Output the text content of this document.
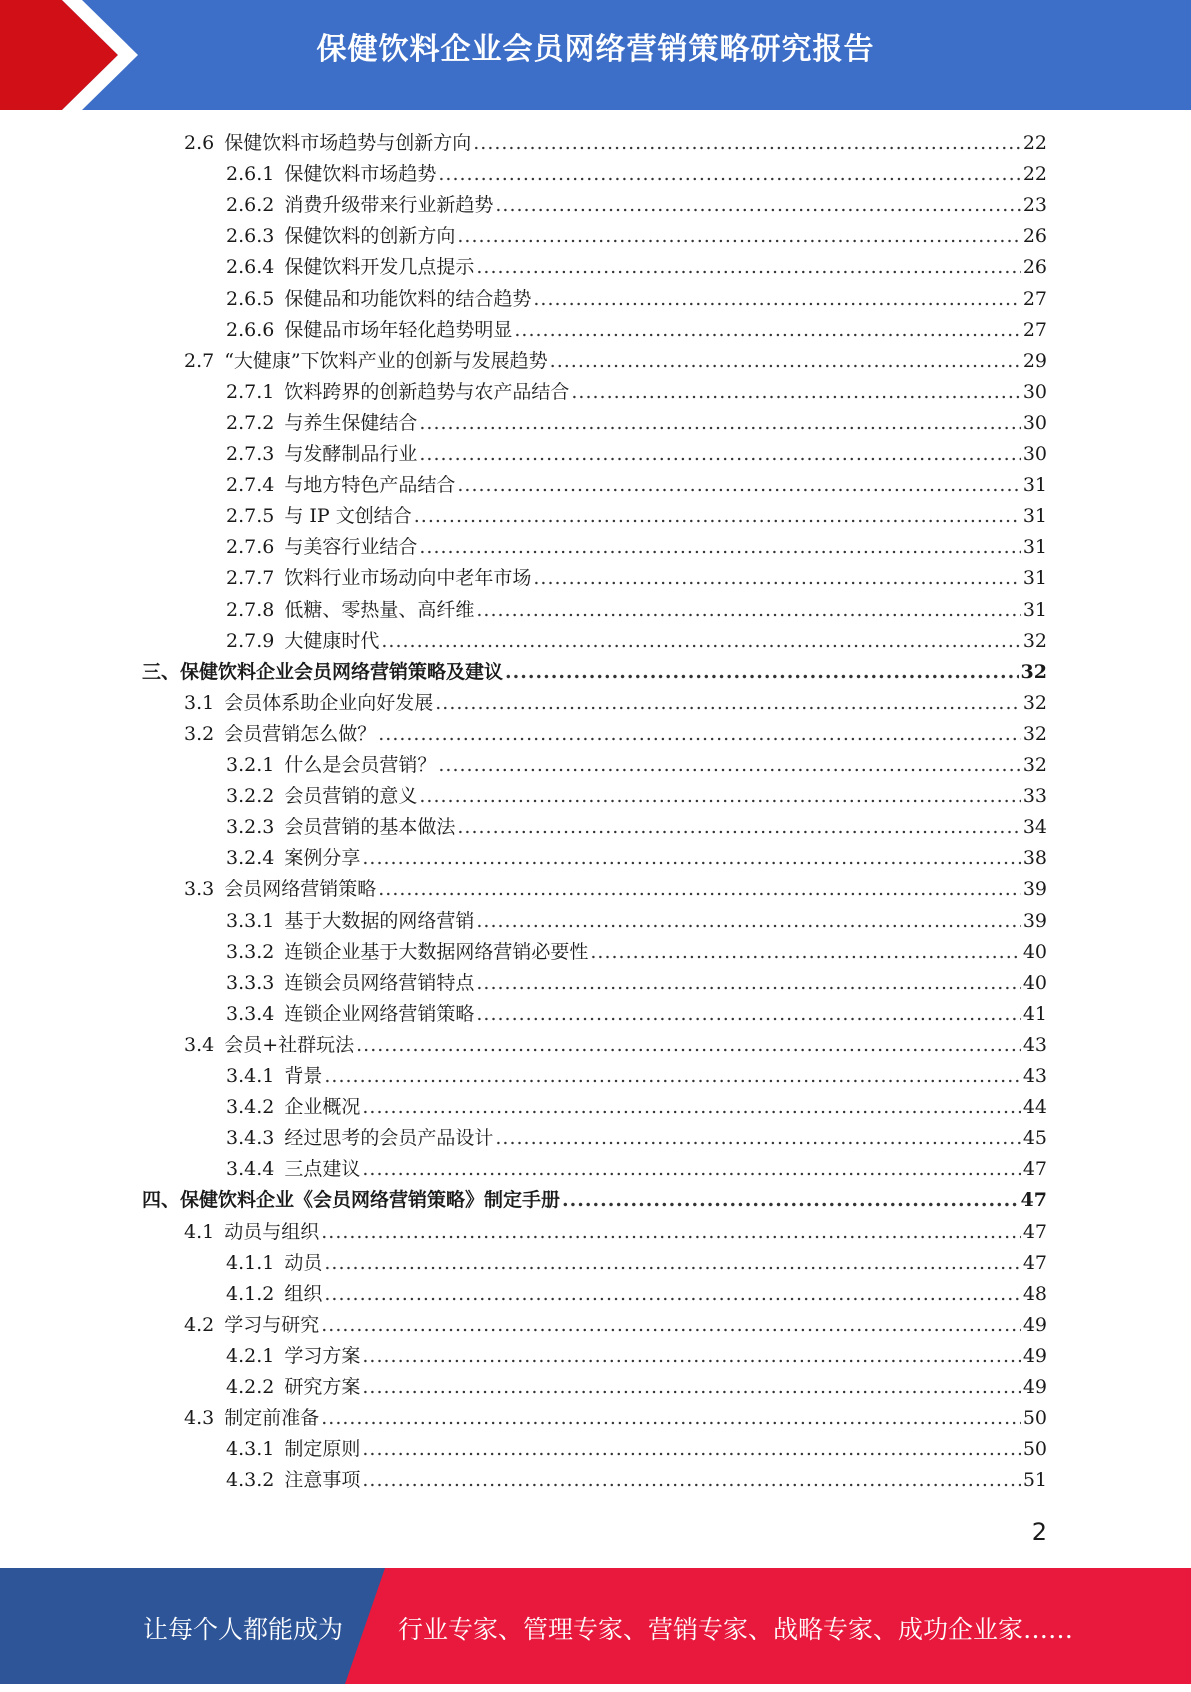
保健饮料企业会员网络营销策略研究报告
2.6 保健饮料市场趋势与创新方向 .....	22
2.6.1 保健饮料市场趋势 .....	22
2.6.2 消费升级带来行业新趋势 .....	23
2.6.3 保健饮料的创新方向 .....	26
2.6.4 保健饮料开发几点提示 .....	26
2.6.5 保健品和功能饮料的结合趋势 .....	27
2.6.6 保健品市场年轻化趋势明显 .....	27
2.7 “大健康”下饮料产业的创新与发展趋势 .....	29
2.7.1 饮料跨界的创新趋势与农产品结合 .....	30
2.7.2 与养生保健结合 .....	30
2.7.3 与发酵制品行业 .....	30
2.7.4 与地方特色产品结合 .....	31
2.7.5 与 IP 文创结合 .....	31
2.7.6 与美容行业结合 .....	31
2.7.7 饮料行业市场动向中老年市场 .....	31
2.7.8 低糖、零热量、高纤维 .....	31
2.7.9 大健康时代 .....	32
三、保健饮料企业会员网络营销策略及建议 .....	32
3.1 会员体系助企业向好发展 .....	32
3.2 会员营销怎么做？ .....	32
3.2.1 什么是会员营销？ .....	32
3.2.2 会员营销的意义 .....	33
3.2.3 会员营销的基本做法 .....	34
3.2.4 案例分享 .....	38
3.3 会员网络营销策略 .....	39
3.3.1 基于大数据的网络营销 .....	39
3.3.2 连锁企业基于大数据网络营销必要性 .....	40
3.3.3 连锁会员网络营销特点 .....	40
3.3.4 连锁企业网络营销策略 .....	41
3.4 会员+社群玩法 .....	43
3.4.1 背景 .....	43
3.4.2 企业概况 .....	44
3.4.3 经过思考的会员产品设计 .....	45
3.4.4 三点建议 .....	47
四、保健饮料企业《会员网络营销策略》制定手册 .....	47
4.1 动员与组织 .....	47
4.1.1 动员 .....	47
4.1.2 组织 .....	48
4.2 学习与研究 .....	49
4.2.1 学习方案 .....	49
4.2.2 研究方案 .....	49
4.3 制定前准备 .....	50
4.3.1 制定原则 .....	50
4.3.2 注意事项 .....	51
2
让每个人都能成为 行业专家、管理专家、营销专家、战略专家、成功企业家……
